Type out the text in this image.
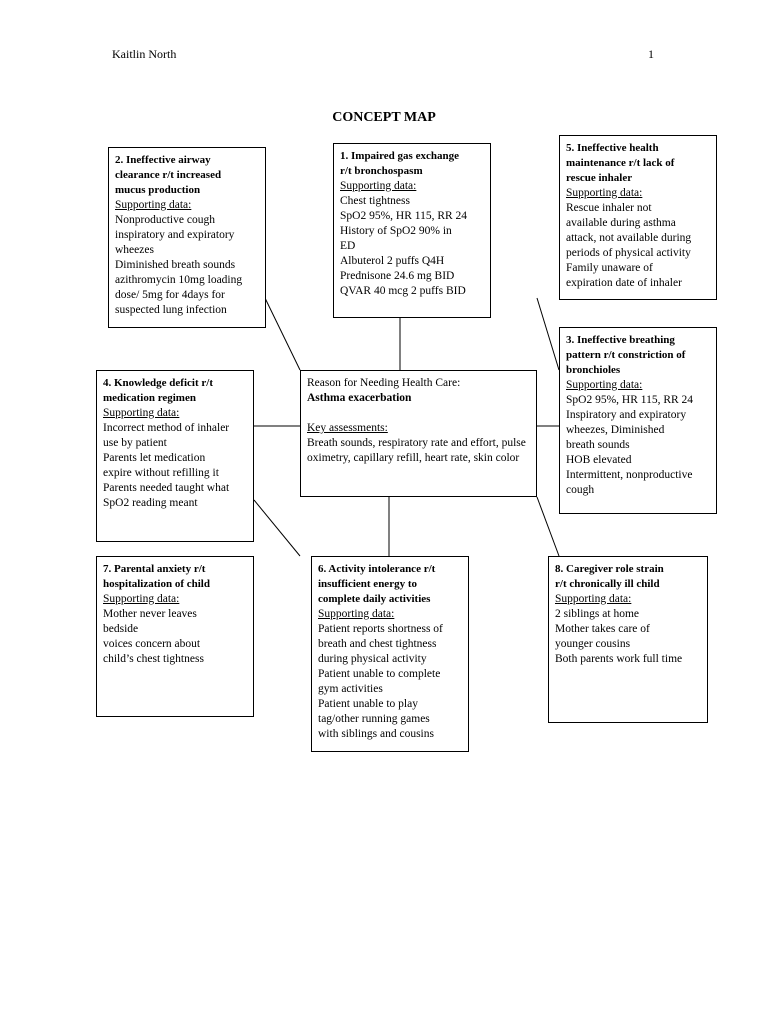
Kaitlin North	1
CONCEPT MAP
Reason for Needing Health Care:
Asthma exacerbation
Key assessments:
Breath sounds, respiratory rate and effort, pulse oximetry, capillary refill, heart rate, skin color
1. Impaired gas exchange
r/t bronchospasm
Supporting data:
Chest tightness
SpO2 95%, HR 115, RR 24
History of SpO2 90% in
ED
Albuterol 2 puffs Q4H
Prednisone 24.6 mg BID
QVAR 40 mcg 2 puffs BID
2. Ineffective airway
clearance r/t increased
mucus production
Supporting data:
Nonproductive cough
inspiratory and expiratory
wheezes
Diminished breath sounds
azithromycin 10mg loading
dose/ 5mg for 4days for
suspected lung infection
5. Ineffective health
maintenance r/t lack of
rescue inhaler
Supporting data:
Rescue inhaler not
available during asthma
attack, not available during
periods of physical activity
Family unaware of
expiration date of inhaler
4. Knowledge deficit r/t
medication regimen
Supporting data:
Incorrect method of inhaler
use by patient
Parents let medication
expire without refilling it
Parents needed taught what
SpO2 reading meant
3. Ineffective breathing
pattern r/t constriction of
bronchioles
Supporting data:
SpO2 95%, HR 115, RR 24
Inspiratory and expiratory
wheezes, Diminished
breath sounds
HOB elevated
Intermittent, nonproductive
cough
7. Parental anxiety r/t
hospitalization of child
Supporting data:
Mother never leaves
bedside
voices concern about
child’s chest tightness
6. Activity intolerance r/t
insufficient energy to
complete daily activities
Supporting data:
Patient reports shortness of
breath and chest tightness
during physical activity
Patient unable to complete
gym activities
Patient unable to play
tag/other running games
with siblings and cousins
8. Caregiver role strain
r/t chronically ill child
Supporting data:
2 siblings at home
Mother takes care of
younger cousins
Both parents work full time
